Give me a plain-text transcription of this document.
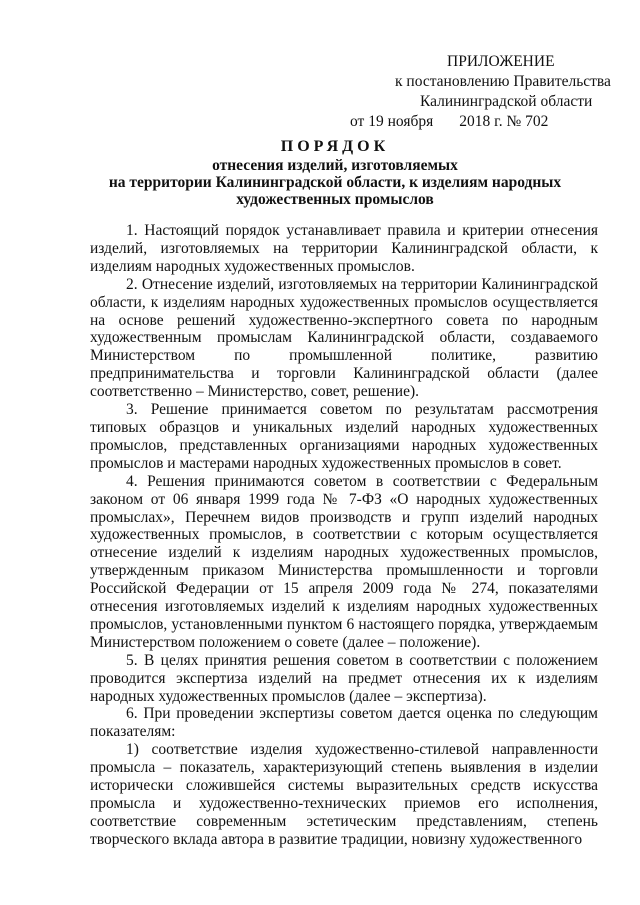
ПРИЛОЖЕНИЕ
к постановлению Правительства
Калининградской области
от 19 ноября 2018 г. № 702
ПОРЯДОК
отнесения изделий, изготовляемых
на территории Калининградской области, к изделиям народных
художественных промыслов

1. Настоящий порядок устанавливает правила и критерии отнесения изделий, изготовляемых на территории Калининградской области, к изделиям народных художественных промыслов.

2. Отнесение изделий, изготовляемых на территории Калининградской области, к изделиям народных художественных промыслов осуществляется на основе решений художественно-экспертного совета по народным художественным промыслам Калининградской области, создаваемого Министерством по промышленной политике, развитию предпринимательства и торговли Калининградской области (далее соответственно – Министерство, совет, решение).

3. Решение принимается советом по результатам рассмотрения типовых образцов и уникальных изделий народных художественных промыслов, представленных организациями народных художественных промыслов и мастерами народных художественных промыслов в совет.

4. Решения принимаются советом в соответствии с Федеральным законом от 06 января 1999 года № 7-ФЗ «О народных художественных промыслах», Перечнем видов производств и групп изделий народных художественных промыслов, в соответствии с которым осуществляется отнесение изделий к изделиям народных художественных промыслов, утвержденным приказом Министерства промышленности и торговли Российской Федерации от 15 апреля 2009 года № 274, показателями отнесения изготовляемых изделий к изделиям народных художественных промыслов, установленными пунктом 6 настоящего порядка, утверждаемым Министерством положением о совете (далее – положение).

5. В целях принятия решения советом в соответствии с положением проводится экспертиза изделий на предмет отнесения их к изделиям народных художественных промыслов (далее – экспертиза).

6. При проведении экспертизы советом дается оценка по следующим показателям:

1) соответствие изделия художественно-стилевой направленности промысла – показатель, характеризующий степень выявления в изделии исторически сложившейся системы выразительных средств искусства промысла и художественно-технических приемов его исполнения, соответствие современным эстетическим представлениям, степень творческого вклада автора в развитие традиции, новизну художественного
